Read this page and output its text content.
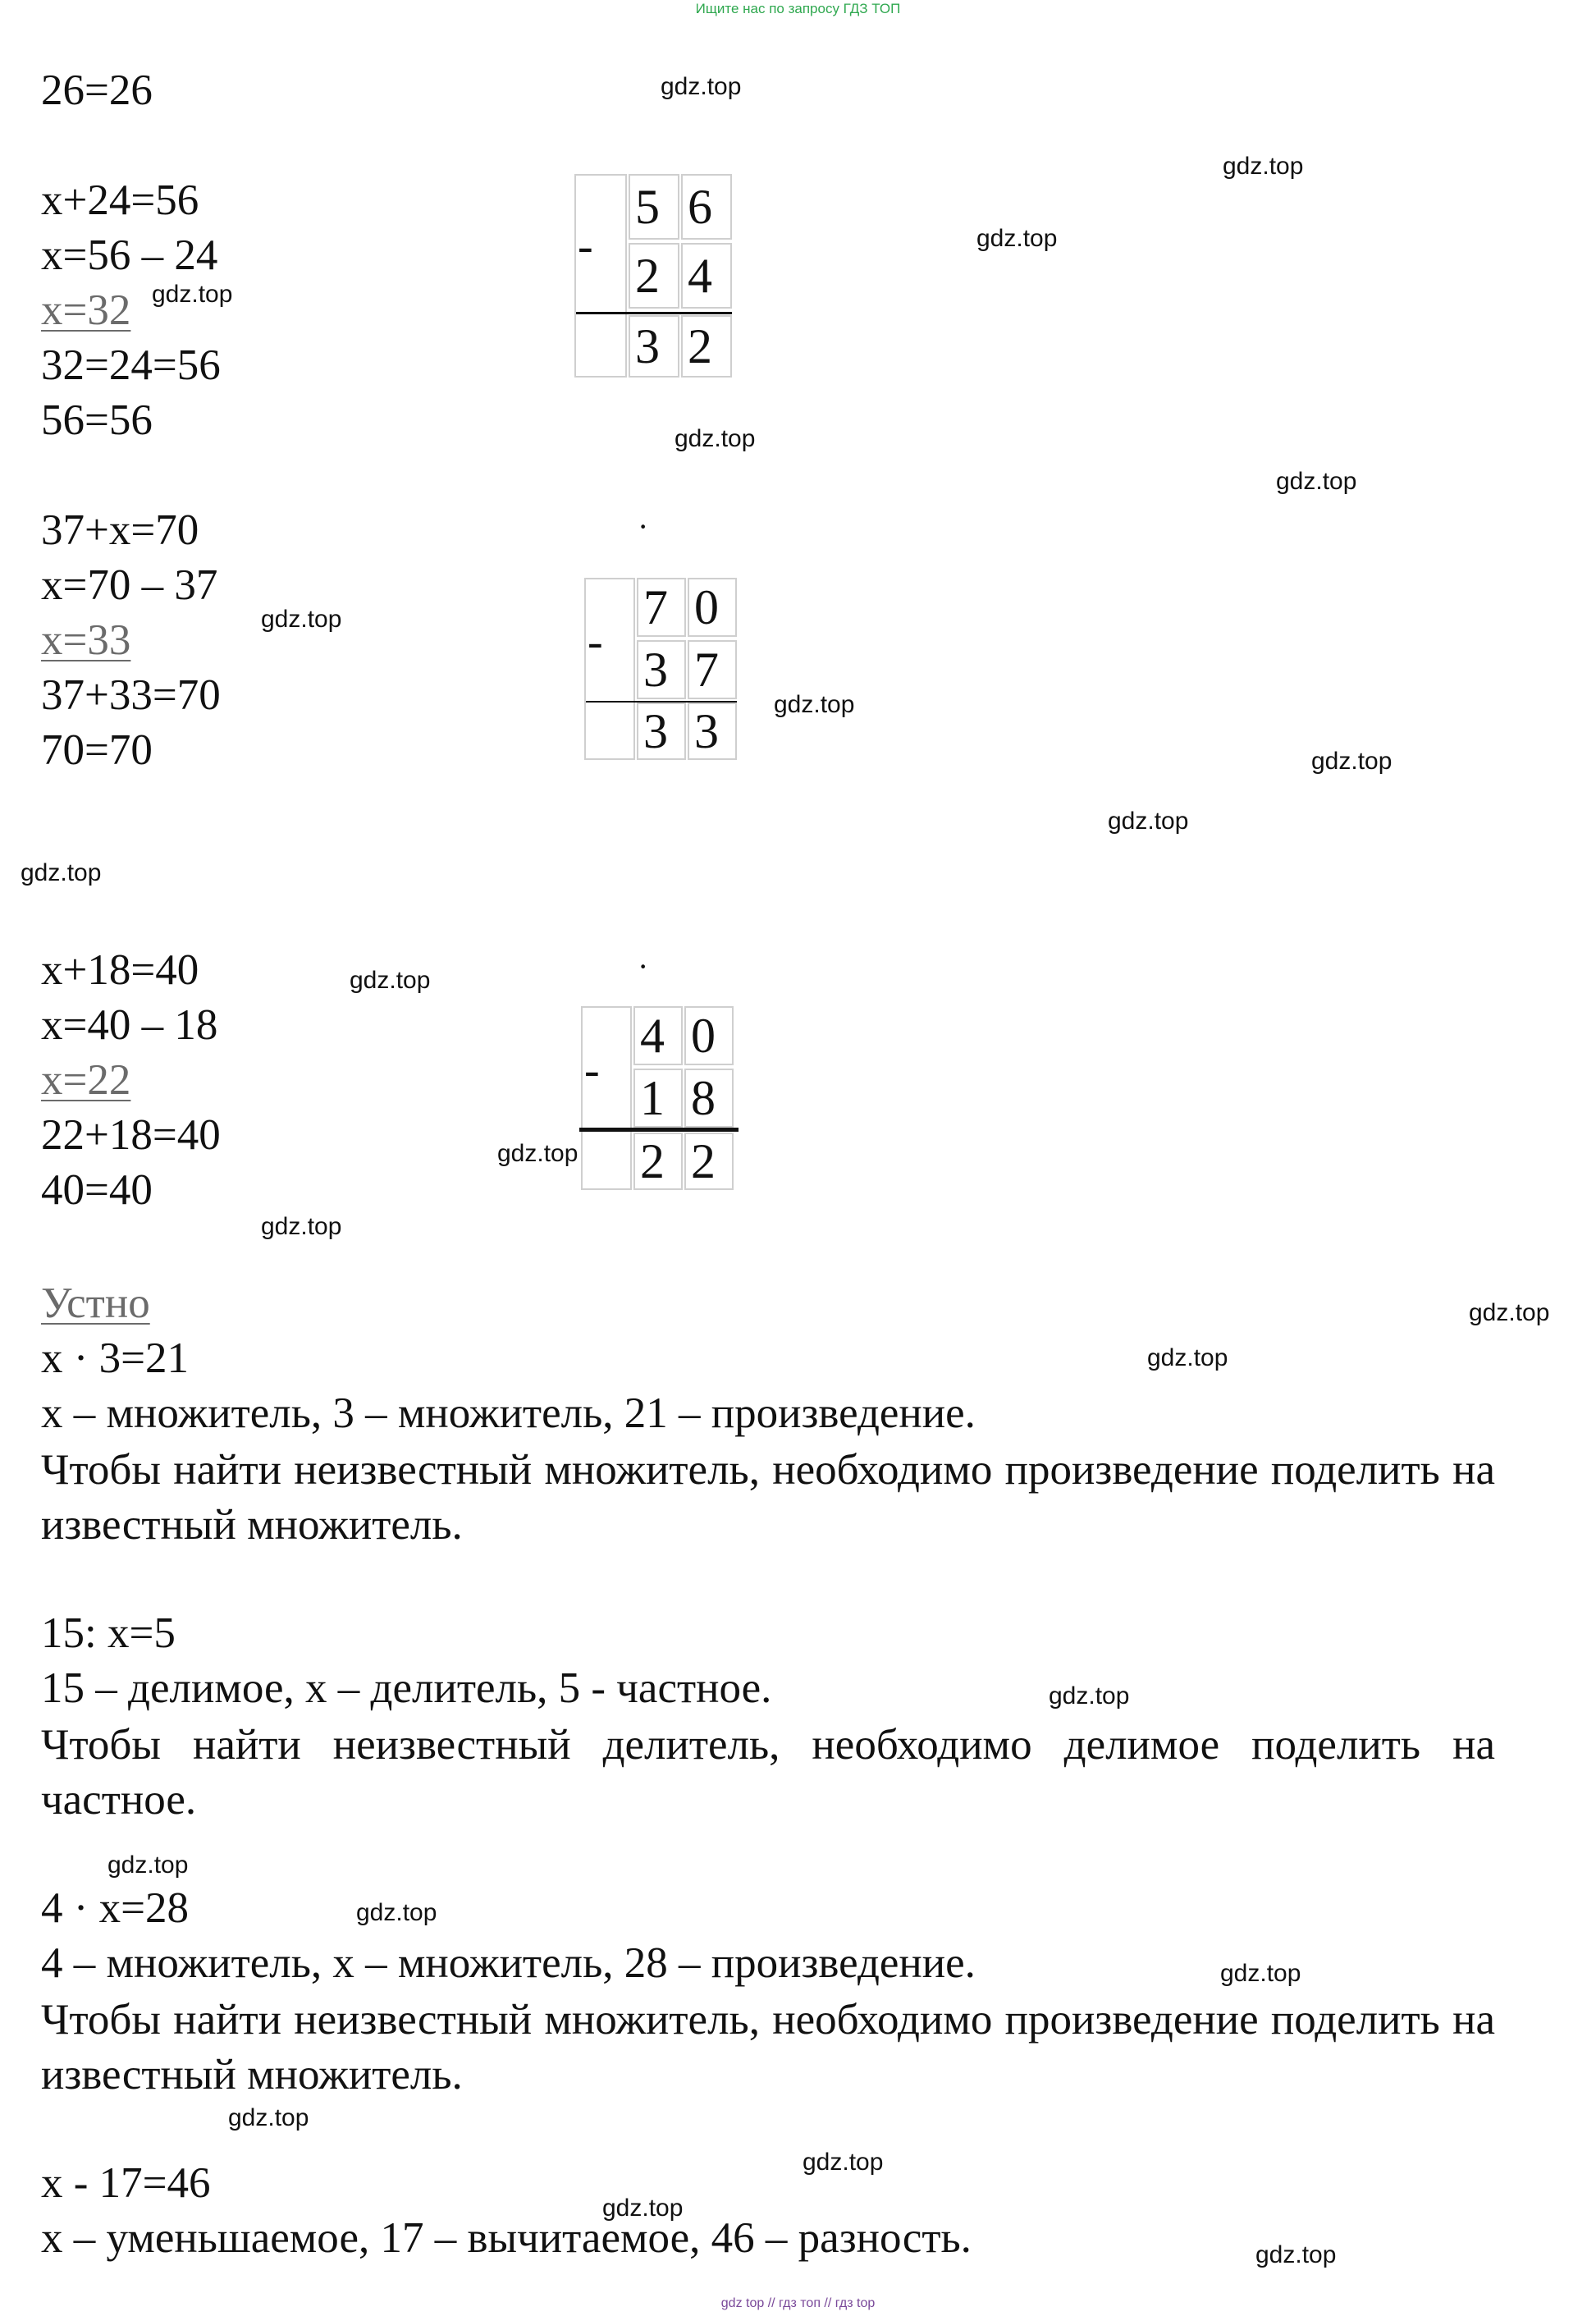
Ищите нас по запросу ГДЗ ТОП
26=26
x+24=56
x=56 – 24
x=32
32=24=56
56=56
-
5 6
2 4
3 2
·
37+x=70
x=70 – 37
x=33
37+33=70
70=70
-
7 0
3 7
3 3
·
x+18=40
x=40 – 18
x=22
22+18=40
40=40
-
4 0
1 8
2 2
Устно
x · 3=21
x – множитель, 3 – множитель, 21 – произведение.
Чтобы найти неизвестный множитель, необходимо произведение поделить на известный множитель.
15: x=5
15 – делимое, x – делитель, 5 - частное.
Чтобы найти неизвестный делитель, необходимо делимое поделить на частное.
4 · x=28
4 – множитель, x – множитель, 28 – произведение.
Чтобы найти неизвестный множитель, необходимо произведение поделить на известный множитель.
x - 17=46
x – уменьшаемое, 17 – вычитаемое, 46 – разность.
gdz.top
gdz.top
gdz.top
gdz.top
gdz.top
gdz.top
gdz.top
gdz.top
gdz.top
gdz.top
gdz.top
gdz.top
gdz.top
gdz.top
gdz.top
gdz.top
gdz.top
gdz.top
gdz.top
gdz.top
gdz.top
gdz.top
gdz.top
gdz.top
gdz top // гдз топ // гдз top
